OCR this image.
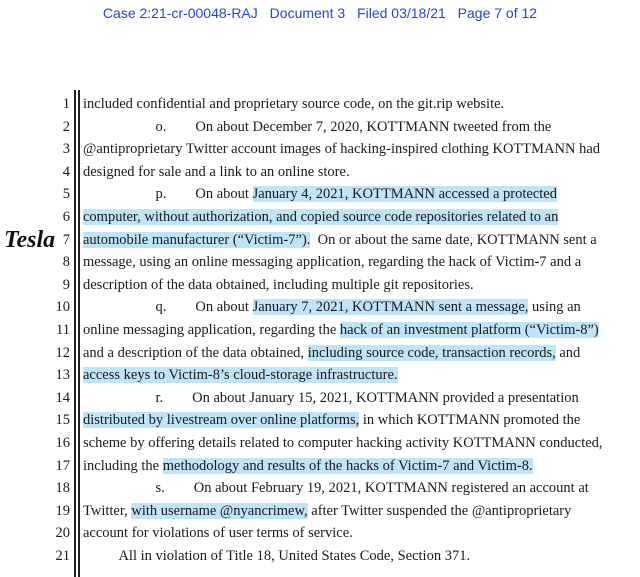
Case 2:21-cr-00048-RAJ Document 3 Filed 03/18/21 Page 7 of 12
Tesla
1 included confidential and proprietary source code, on the git.rip website.
2 o.        On about December 7, 2020, KOTTMANN tweeted from the
3 @antiproprietary Twitter account images of hacking-inspired clothing KOTTMANN had
4 designed for sale and a link to an online store.
5 p.        On about January 4, 2021, KOTTMANN accessed a protected
6 computer, without authorization, and copied source code repositories related to an
7 automobile manufacturer (“Victim-7”).  On or about the same date, KOTTMANN sent a
8 message, using an online messaging application, regarding the hack of Victim-7 and a
9 description of the data obtained, including multiple git repositories.
10 q.        On about January 7, 2021, KOTTMANN sent a message, using an
11 online messaging application, regarding the hack of an investment platform (“Victim-8”)
12 and a description of the data obtained, including source code, transaction records, and
13 access keys to Victim-8’s cloud-storage infrastructure.
14 r.        On about January 15, 2021, KOTTMANN provided a presentation
15 distributed by livestream over online platforms, in which KOTTMANN promoted the
16 scheme by offering details related to computer hacking activity KOTTMANN conducted,
17 including the methodology and results of the hacks of Victim-7 and Victim-8.
18 s.        On about February 19, 2021, KOTTMANN registered an account at
19 Twitter, with username @nyancrimew, after Twitter suspended the @antiproprietary
20 account for violations of user terms of service.
21 All in violation of Title 18, United States Code, Section 371.
